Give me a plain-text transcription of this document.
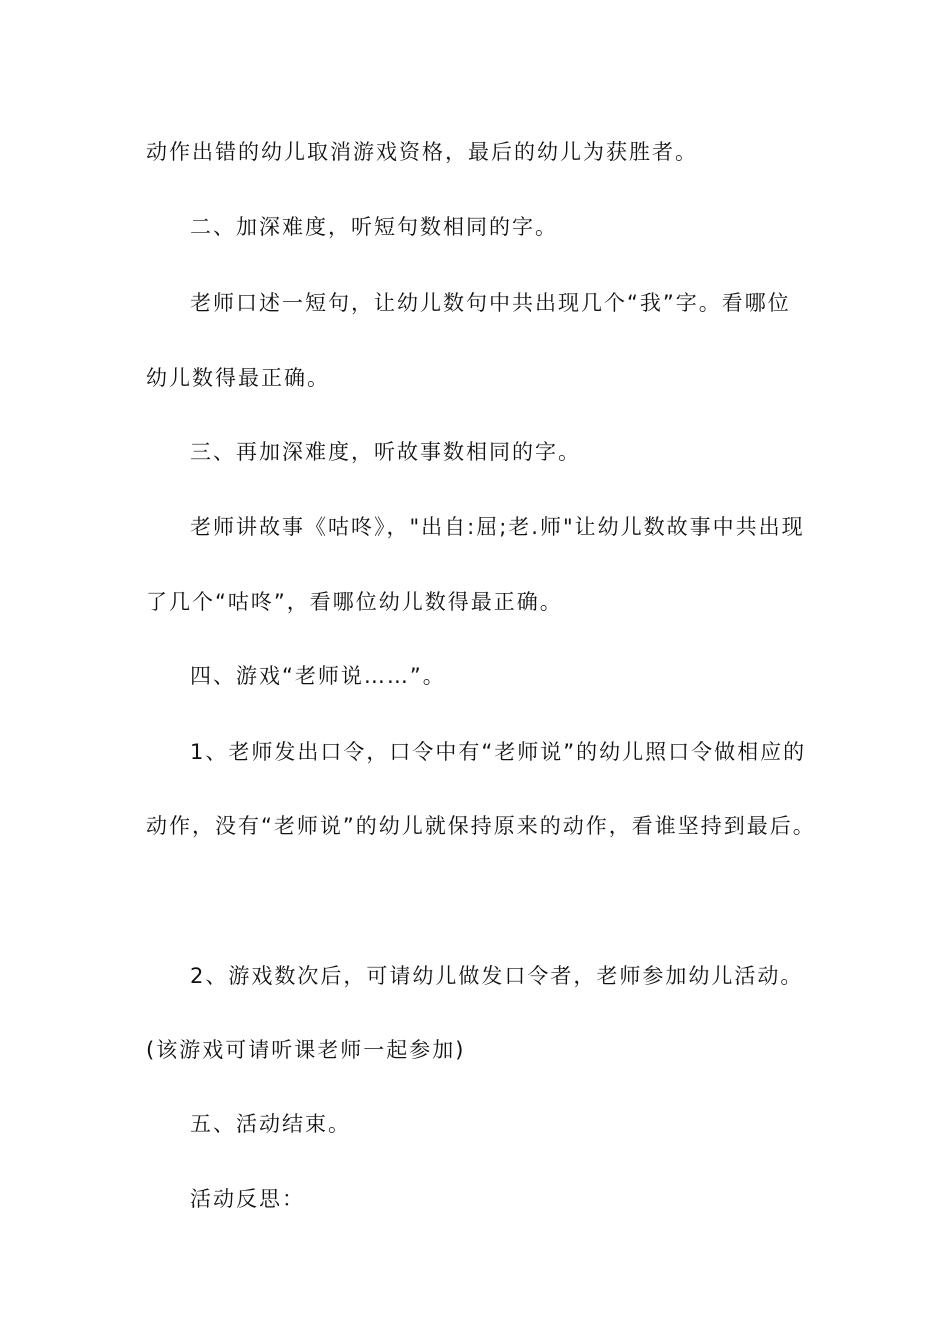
动作出错的幼儿取消游戏资格，最后的幼儿为获胜者。
二、加深难度，听短句数相同的字。
老师口述一短句，让幼儿数句中共出现几个“我”字。看哪位
幼儿数得最正确。
三、再加深难度，听故事数相同的字。
老师讲故事《咕咚》，"出自:屈;老.师"让幼儿数故事中共出现
了几个“咕咚”，看哪位幼儿数得最正确。
四、游戏“老师说……”。
1、老师发出口令，口令中有“老师说”的幼儿照口令做相应的
动作，没有“老师说”的幼儿就保持原来的动作，看谁坚持到最后。
2、游戏数次后，可请幼儿做发口令者，老师参加幼儿活动。
(该游戏可请听课老师一起参加)
五、活动结束。
活动反思：
